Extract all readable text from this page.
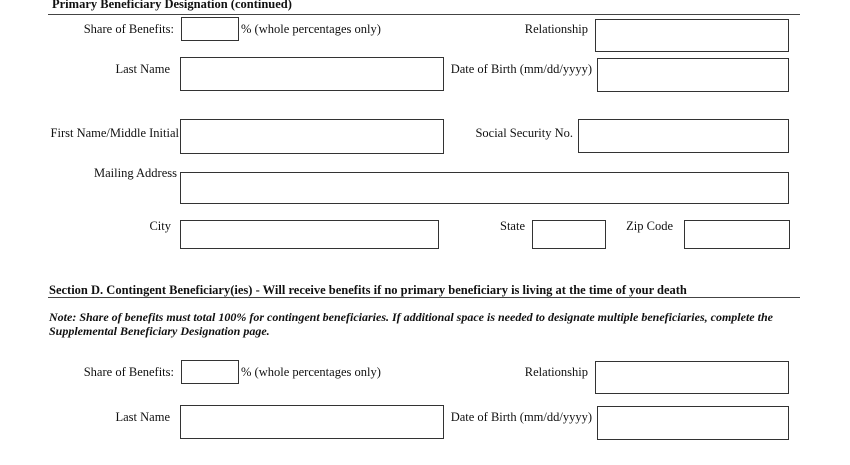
Primary Beneficiary Designation (continued)
Share of Benefits:	% (whole percentages only)	Relationship
Last Name	Date of Birth (mm/dd/yyyy)
First Name/Middle Initial	Social Security No.
Mailing Address
City	State	Zip Code
Section D. Contingent Beneficiary(ies) - Will receive benefits if no primary beneficiary is living at the time of your death
Note: Share of benefits must total 100% for contingent beneficiaries. If additional space is needed to designate multiple beneficiaries, complete the Supplemental Beneficiary Designation page.
Share of Benefits:	% (whole percentages only)	Relationship
Last Name	Date of Birth (mm/dd/yyyy)
